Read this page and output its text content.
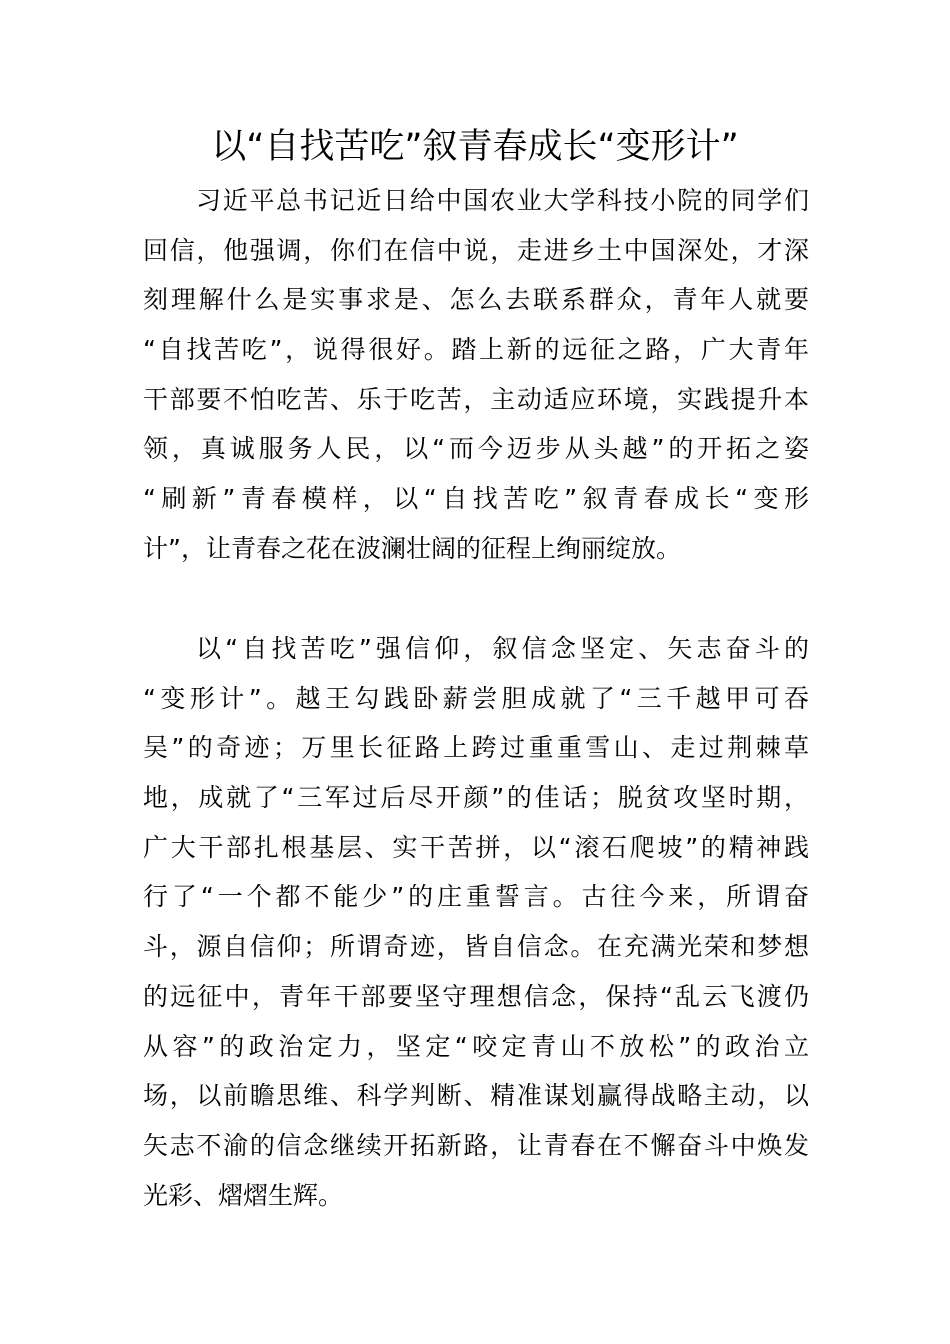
以“自找苦吃”叙青春成长“变形计”
习近平总书记近日给中国农业大学科技小院的同学们
回信，他强调，你们在信中说，走进乡土中国深处，才深
刻理解什么是实事求是、怎么去联系群众，青年人就要
“自找苦吃”，说得很好。踏上新的远征之路，广大青年
干部要不怕吃苦、乐于吃苦，主动适应环境，实践提升本
领，真诚服务人民，以“而今迈步从头越”的开拓之姿
“刷新”青春模样，以“自找苦吃”叙青春成长“变形
计”，让青春之花在波澜壮阔的征程上绚丽绽放。
以“自找苦吃”强信仰，叙信念坚定、矢志奋斗的
“变形计”。越王勾践卧薪尝胆成就了“三千越甲可吞
吴”的奇迹；万里长征路上跨过重重雪山、走过荆棘草
地，成就了“三军过后尽开颜”的佳话；脱贫攻坚时期，
广大干部扎根基层、实干苦拼，以“滚石爬坡”的精神践
行了“一个都不能少”的庄重誓言。古往今来，所谓奋
斗，源自信仰；所谓奇迹，皆自信念。在充满光荣和梦想
的远征中，青年干部要坚守理想信念，保持“乱云飞渡仍
从容”的政治定力，坚定“咬定青山不放松”的政治立
场，以前瞻思维、科学判断、精准谋划赢得战略主动，以
矢志不渝的信念继续开拓新路，让青春在不懈奋斗中焕发
光彩、熠熠生辉。
